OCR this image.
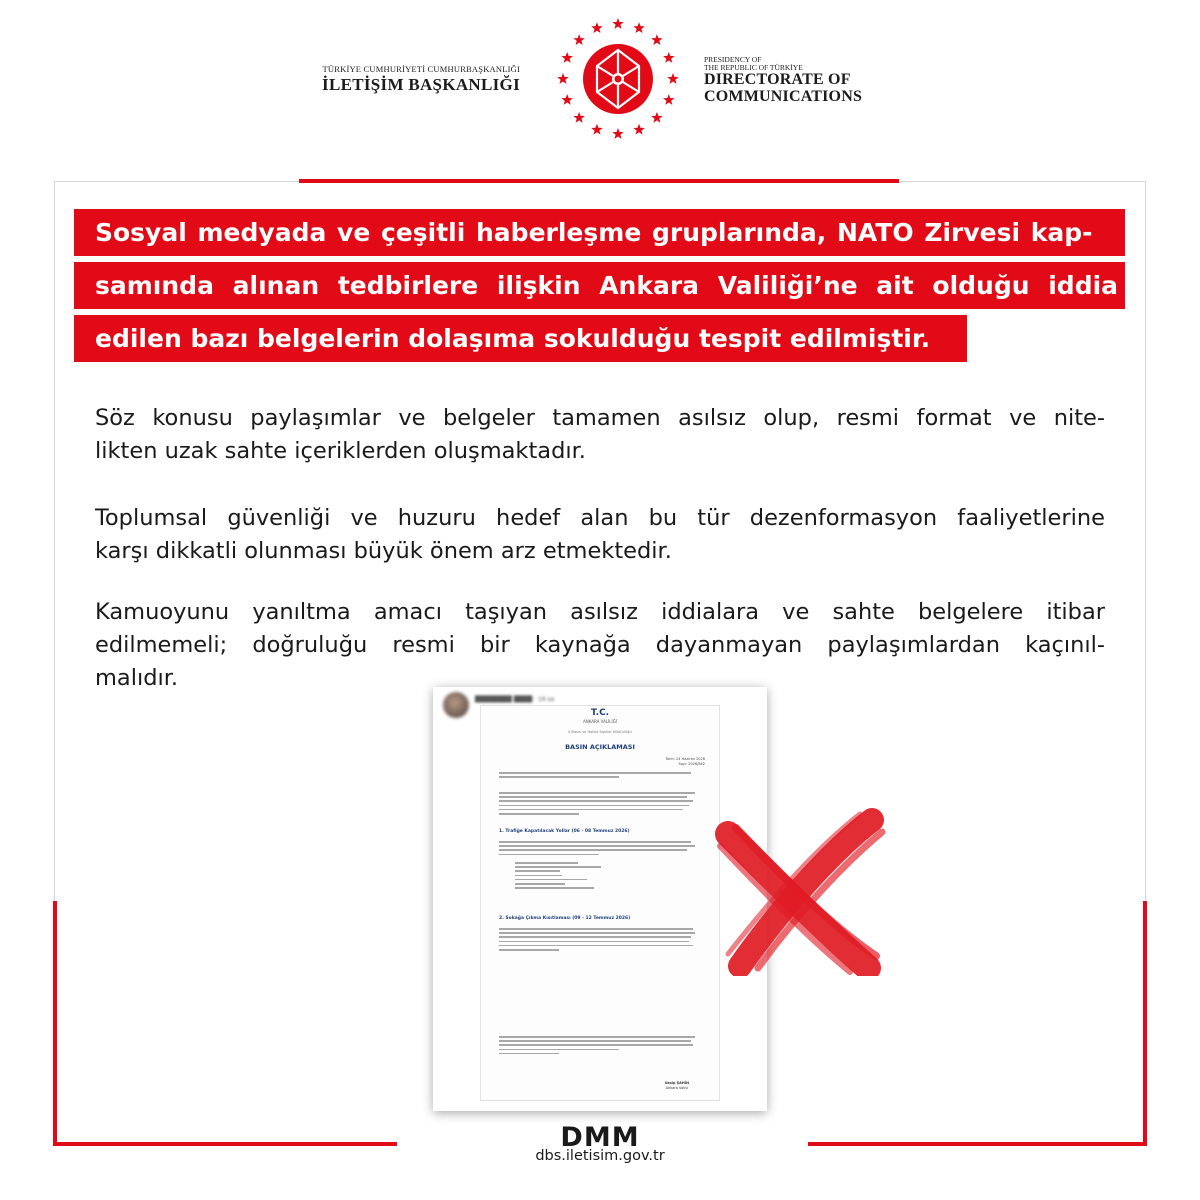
TÜRKİYE CUMHURİYETİ CUMHURBAŞKANLIĞI
İLETİŞİM BAŞKANLIĞI
PRESIDENCY OF
THE REPUBLIC OF TÜRKİYE
DIRECTORATE OF
COMMUNICATIONS
Sosyal medyada ve çeşitli haberleşme gruplarında, NATO Zirvesi kap-
samında alınan tedbirlere ilişkin Ankara Valiliği’ne ait olduğu iddia
edilen bazı belgelerin dolaşıma sokulduğu tespit edilmiştir.
Söz konusu paylaşımlar ve belgeler tamamen asılsız olup, resmi format ve nite-
likten uzak sahte içeriklerden oluşmaktadır.
Toplumsal güvenliği ve huzuru hedef alan bu tür dezenformasyon faaliyetlerine
karşı dikkatli olunması büyük önem arz etmektedir.
Kamuoyunu yanıltma amacı taşıyan asılsız iddialara ve sahte belgelere itibar
edilmemeli; doğruluğu resmi bir kaynağa dayanmayan paylaşımlardan kaçınıl-
malıdır.
████████ ████ · 16 sa
T.C.
ANKARA VALİLİĞİ
İl Basın ve Halkla İlişkiler Müdürlüğü
BASIN AÇIKLAMASI
Tarih: 24 Haziran 2026
Sayı: 2026/842
1. Trafiğe Kapatılacak Yollar (06 - 08 Temmuz 2026)
2. Sokağa Çıkma Kısıtlaması (09 - 12 Temmuz 2026)
Vasip ŞAHİN
Ankara Valisi
DMM
dbs.iletisim.gov.tr
